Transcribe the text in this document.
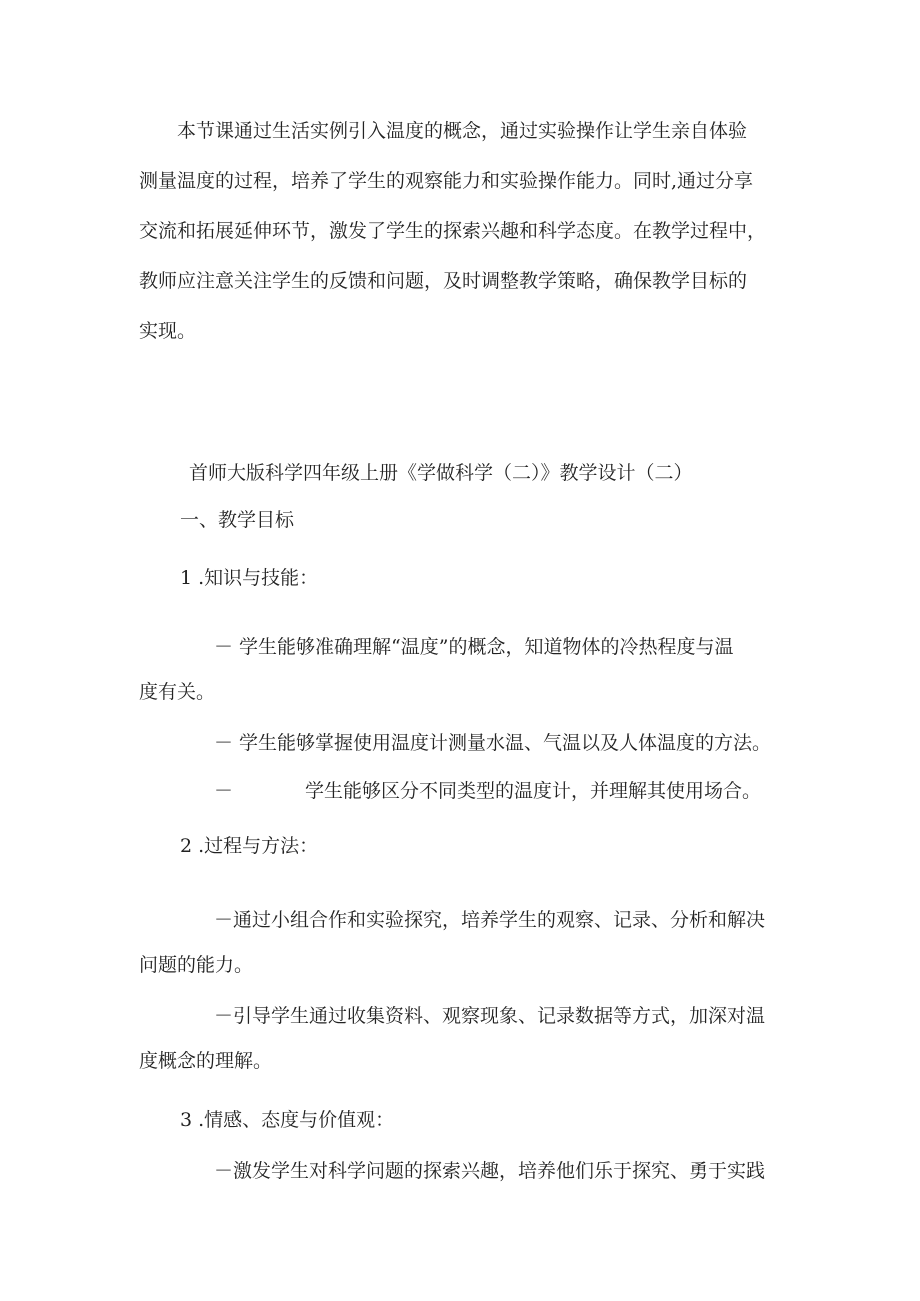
本节课通过生活实例引入温度的概念，通过实验操作让学生亲自体验
测量温度的过程，培养了学生的观察能力和实验操作能力。同时,通过分享
交流和拓展延伸环节，激发了学生的探索兴趣和科学态度。在教学过程中，
教师应注意关注学生的反馈和问题，及时调整教学策略，确保教学目标的
实现。
首师大版科学四年级上册《学做科学（二）》教学设计（二）
一、教学目标
1 .知识与技能：
－ 学生能够准确理解“温度”的概念，知道物体的冷热程度与温
度有关。
－ 学生能够掌握使用温度计测量水温、气温以及人体温度的方法。
－	学生能够区分不同类型的温度计，并理解其使用场合。
2 .过程与方法：
－通过小组合作和实验探究，培养学生的观察、记录、分析和解决
问题的能力。
－引导学生通过收集资料、观察现象、记录数据等方式，加深对温
度概念的理解。
3 .情感、态度与价值观：
－激发学生对科学问题的探索兴趣，培养他们乐于探究、勇于实践
